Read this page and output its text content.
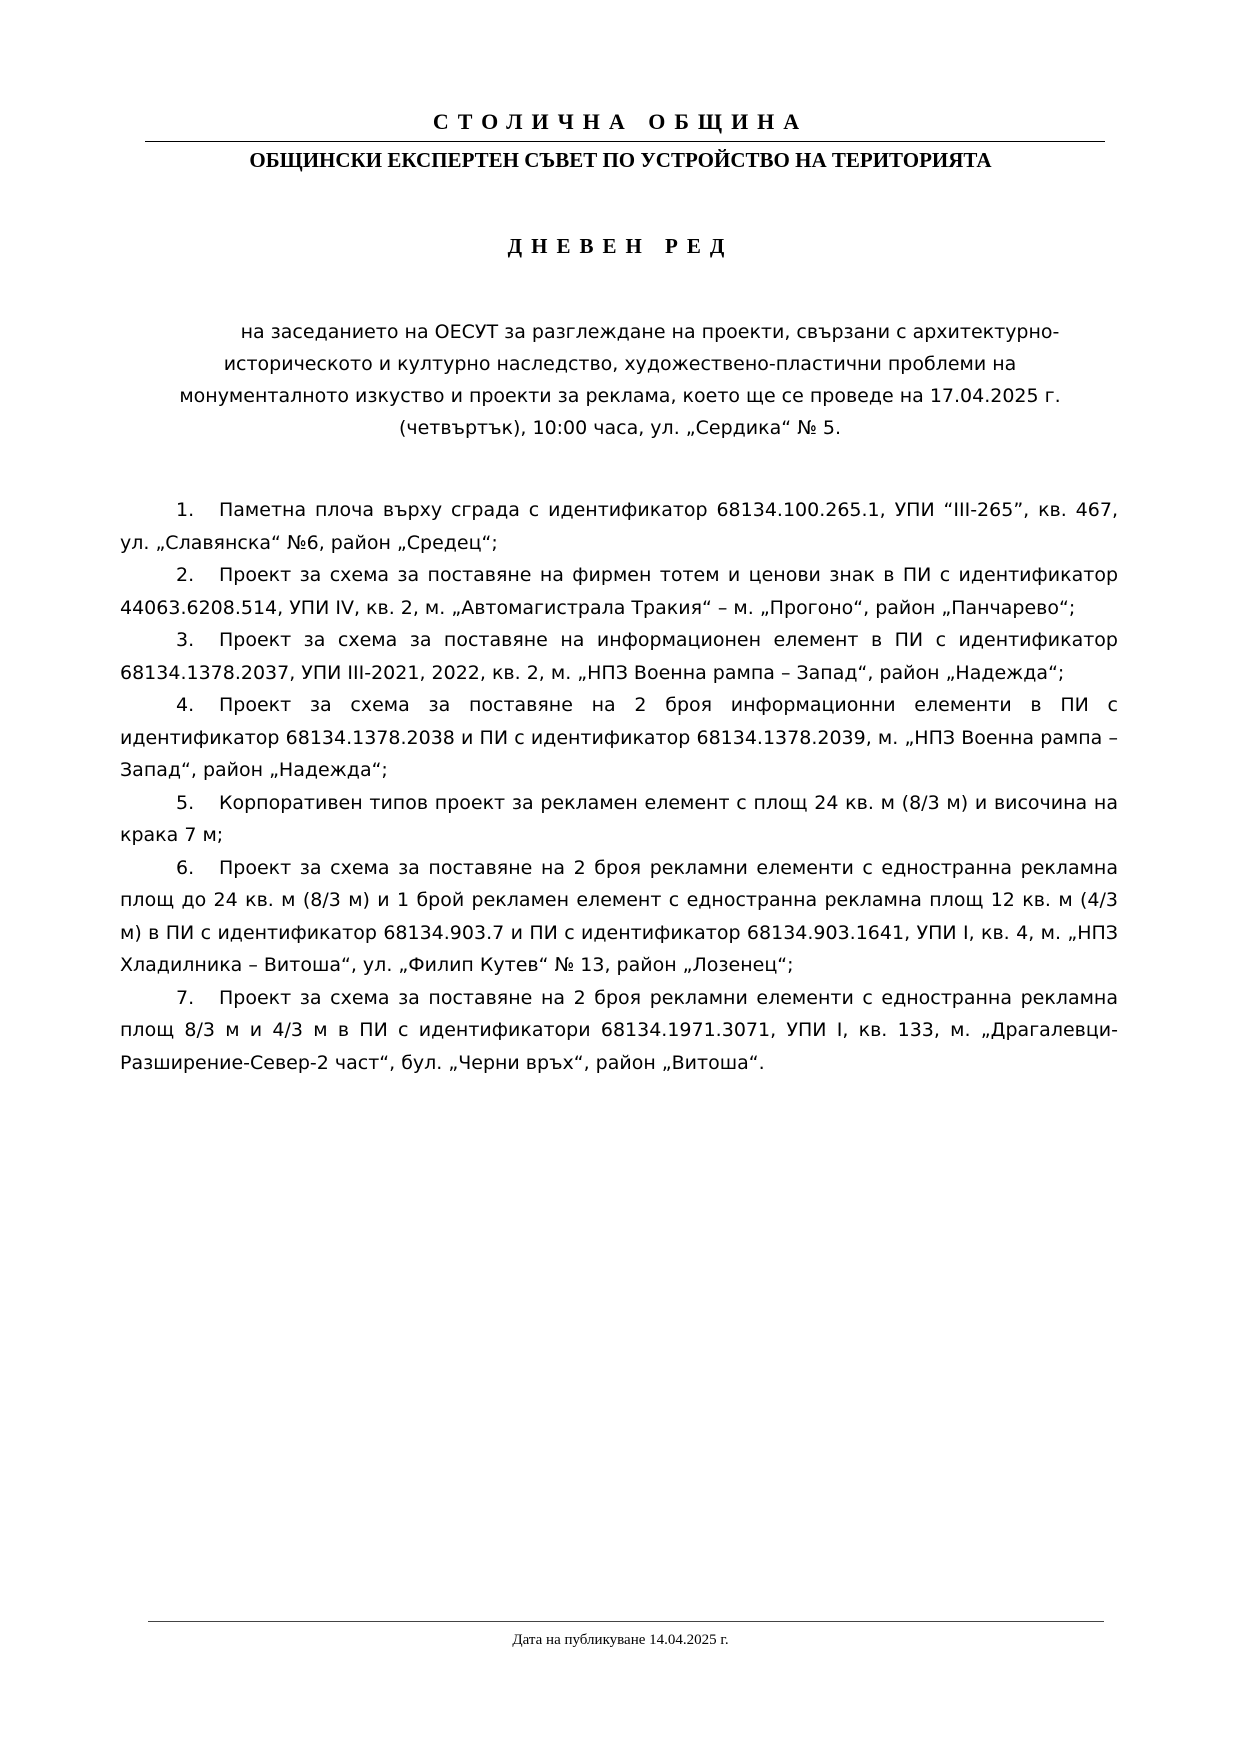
СТОЛИЧНА ОБЩИНА
ОБЩИНСКИ ЕКСПЕРТЕН СЪВЕТ ПО УСТРОЙСТВО НА ТЕРИТОРИЯТА
ДНЕВЕН РЕД
на заседанието на ОЕСУТ за разглеждане на проекти, свързани с архитектурно-историческото и културно наследство, художествено-пластични проблеми на монументалното изкуство и проекти за реклама, което ще се проведе на 17.04.2025 г. (четвъртък), 10:00 часа, ул. „Сердика“ № 5.
1. Паметна плоча върху сграда с идентификатор 68134.100.265.1, УПИ “III-265”, кв. 467, ул. „Славянска“ №6, район „Средец“;
2. Проект за схема за поставяне на фирмен тотем и ценови знак в ПИ с идентификатор 44063.6208.514, УПИ IV, кв. 2, м. „Автомагистрала Тракия“ – м. „Прогоно“, район „Панчарево“;
3. Проект за схема за поставяне на информационен елемент в ПИ с идентификатор 68134.1378.2037, УПИ III-2021, 2022, кв. 2, м. „НПЗ Военна рампа – Запад“, район „Надежда“;
4. Проект за схема за поставяне на 2 броя информационни елементи в ПИ с идентификатор 68134.1378.2038 и ПИ с идентификатор 68134.1378.2039, м. „НПЗ Военна рампа – Запад“, район „Надежда“;
5. Корпоративен типов проект за рекламен елемент с площ 24 кв. м (8/3 м) и височина на крака 7 м;
6. Проект за схема за поставяне на 2 броя рекламни елементи с едностранна рекламна площ до 24 кв. м (8/3 м) и 1 брой рекламен елемент с едностранна рекламна площ 12 кв. м (4/3 м) в ПИ с идентификатор 68134.903.7 и ПИ с идентификатор 68134.903.1641, УПИ I, кв. 4, м. „НПЗ Хладилника – Витоша“, ул. „Филип Кутев“ № 13, район „Лозенец“;
7. Проект за схема за поставяне на 2 броя рекламни елементи с едностранна рекламна площ 8/3 м и 4/3 м в ПИ с идентификатори 68134.1971.3071, УПИ I, кв. 133, м. „Драгалевци-Разширение-Север-2 част“, бул. „Черни връх“, район „Витоша“.
Дата на публикуване 14.04.2025 г.
